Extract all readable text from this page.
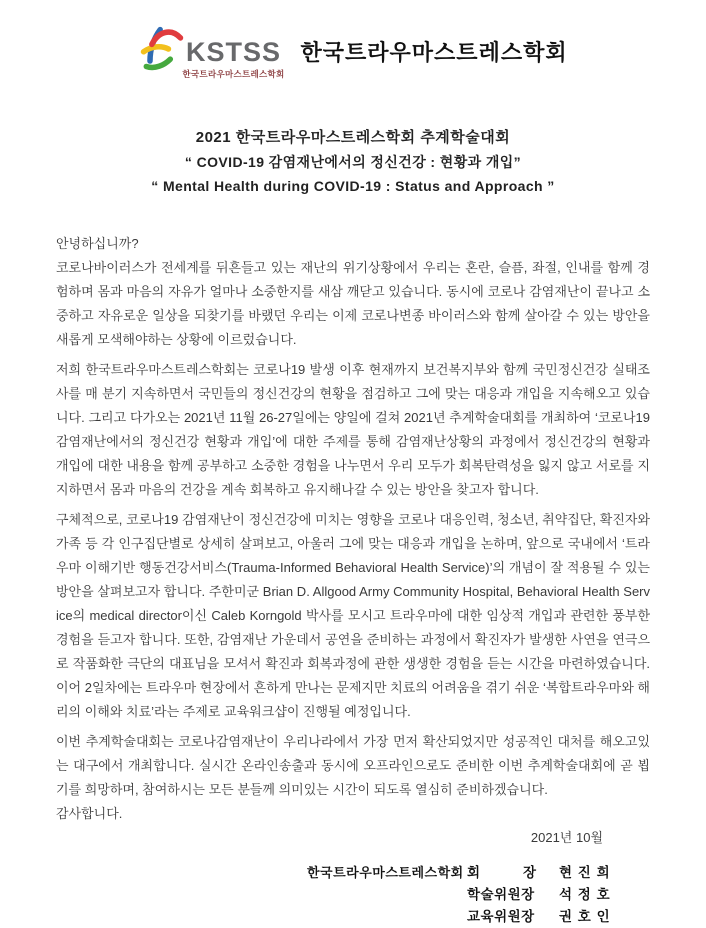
KSTSS
한국트라우마스트레스학회
한국트라우마스트레스학회
2021 한국트라우마스트레스학회 추계학술대회
“ COVID-19 감염재난에서의 정신건강 : 현황과 개입”
“ Mental Health during COVID-19 : Status and Approach ”

안녕하십니까?

코로나바이러스가 전세계를 뒤흔들고 있는 재난의 위기상황에서 우리는 혼란, 슬픔, 좌절, 인내를 함께 경험하며 몸과 마음의 자유가 얼마나 소중한지를 새삼 깨닫고 있습니다. 동시에 코로나 감염재난이 끝나고 소중하고 자유로운 일상을 되찾기를 바랬던 우리는 이제 코로나변종 바이러스와 함께 살아갈 수 있는 방안을 새롭게 모색해야하는 상황에 이르렀습니다.

저희 한국트라우마스트레스학회는 코로나19 발생 이후 현재까지 보건복지부와 함께 국민정신건강 실태조사를 매 분기 지속하면서 국민들의 정신건강의 현황을 점검하고 그에 맞는 대응과 개입을 지속해오고 있습니다. 그리고 다가오는 2021년 11월 26-27일에는 양일에 걸쳐 2021년 추계학술대회를 개최하여 ‘코로나19 감염재난에서의 정신건강 현황과 개입’에 대한 주제를 통해 감염재난상황의 과정에서 정신건강의 현황과 개입에 대한 내용을 함께 공부하고 소중한 경험을 나누면서 우리 모두가 회복탄력성을 잃지 않고 서로를 지지하면서 몸과 마음의 건강을 계속 회복하고 유지해나갈 수 있는 방안을 찾고자 합니다.

구체적으로, 코로나19 감염재난이 정신건강에 미치는 영향을 코로나 대응인력, 청소년, 취약집단, 확진자와 가족 등 각 인구집단별로 상세히 살펴보고, 아울러 그에 맞는 대응과 개입을 논하며, 앞으로 국내에서 ‘트라우마 이해기반 행동건강서비스(Trauma-Informed Behavioral Health Service)’의 개념이 잘 적용될 수 있는 방안을 살펴보고자 합니다. 주한미군 Brian D. Allgood Army Community Hospital, Behavioral Health Service의 medical director이신 Caleb Korngold 박사를 모시고 트라우마에 대한 임상적 개입과 관련한 풍부한 경험을 듣고자 합니다. 또한, 감염재난 가운데서 공연을 준비하는 과정에서 확진자가 발생한 사연을 연극으로 작품화한 극단의 대표님을 모셔서 확진과 회복과정에 관한 생생한 경험을 듣는 시간을 마련하였습니다. 이어 2일차에는 트라우마 현장에서 흔하게 만나는 문제지만 치료의 어려움을 겪기 쉬운 ‘복합트라우마와 해리의 이해와 치료’라는 주제로 교육워크샵이 진행될 예정입니다.

이번 추계학술대회는 코로나감염재난이 우리나라에서 가장 먼저 확산되었지만 성공적인 대처를 해오고있는 대구에서 개최합니다. 실시간 온라인송출과 동시에 오프라인으로도 준비한 이번 추계학술대회에 곧 뵙기를 희망하며, 참여하시는 모든 분들께 의미있는 시간이 되도록 열심히 준비하겠습니다.

감사합니다.

2021년 10월
한국트라우마스트레스학회 회          장	현 진 희
학술위원장	석 정 호
교육위원장	권 호 인
